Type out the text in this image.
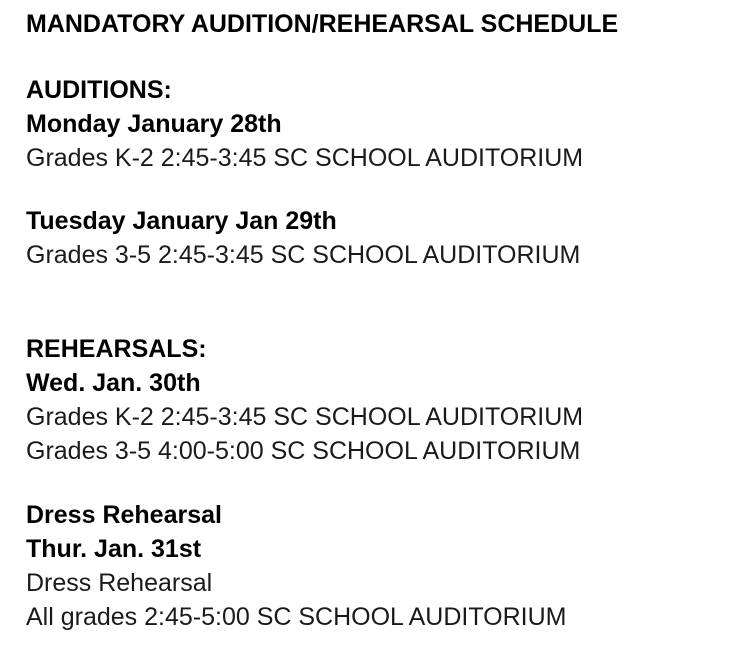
MANDATORY AUDITION/REHEARSAL SCHEDULE
AUDITIONS:
Monday January 28th
Grades K-2 2:45-3:45 SC SCHOOL AUDITORIUM
Tuesday January Jan 29th
Grades 3-5 2:45-3:45 SC SCHOOL AUDITORIUM
REHEARSALS:
Wed. Jan. 30th
Grades K-2 2:45-3:45 SC SCHOOL AUDITORIUM
Grades 3-5 4:00-5:00 SC SCHOOL AUDITORIUM
Dress Rehearsal
Thur. Jan. 31st
Dress Rehearsal
All grades 2:45-5:00 SC SCHOOL AUDITORIUM
